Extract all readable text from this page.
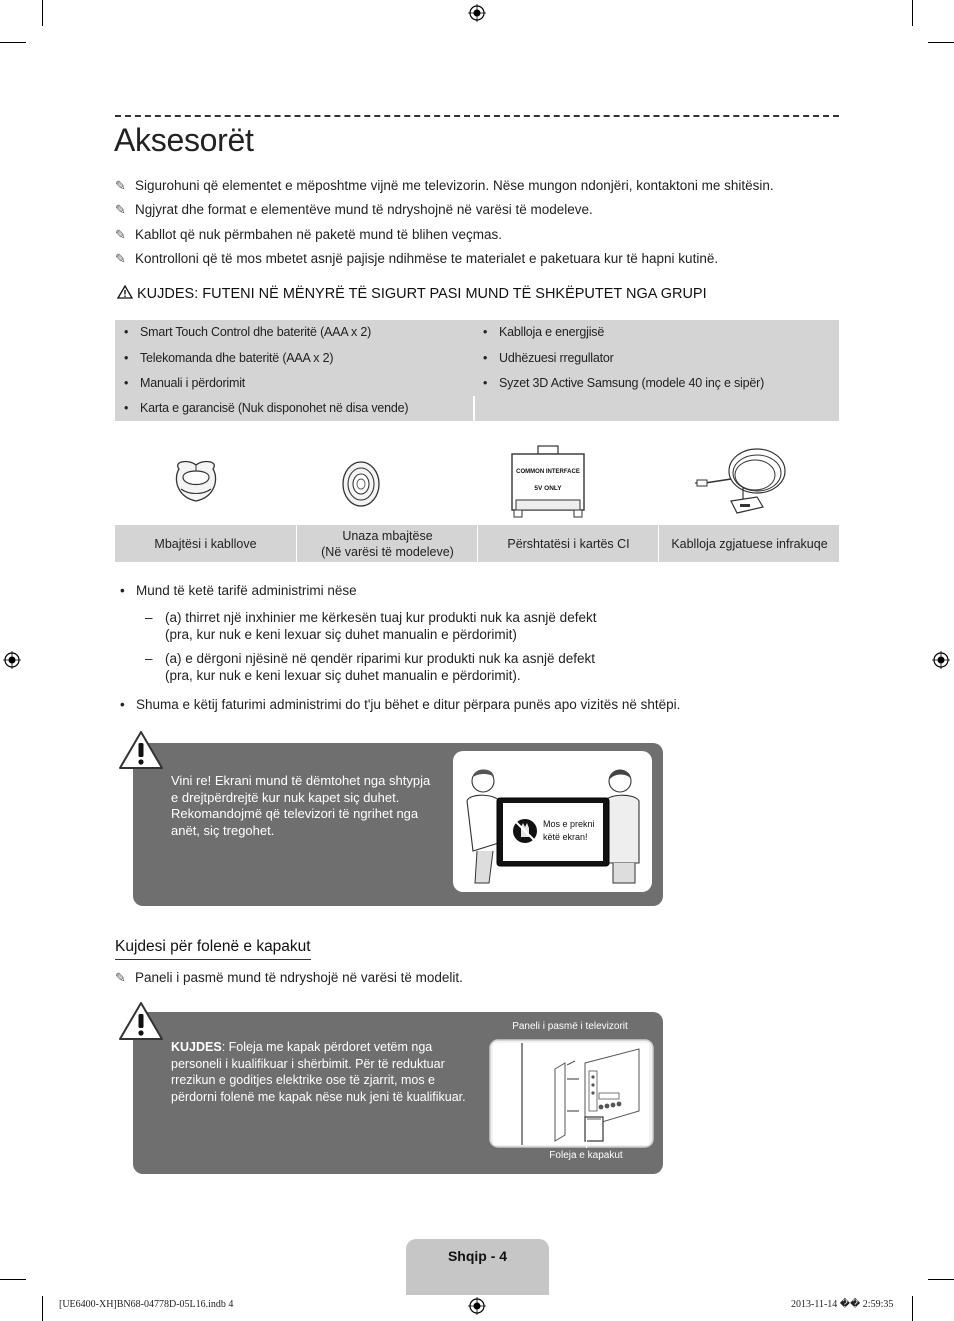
Aksesorët
✎ Sigurohuni që elementet e mëposhtme vijnë me televizorin. Nëse mungon ndonjëri, kontaktoni me shitësin.
✎ Ngjyrat dhe format e elementëve mund të ndryshojnë në varësi të modeleve.
✎ Kabllot që nuk përmbahen në paketë mund të blihen veçmas.
✎ Kontrolloni që të mos mbetet asnjë pajisje ndihmëse te materialet e paketuara kur të hapni kutinë.
KUJDES: FUTENI NË MËNYRË TË SIGURT PASI MUND TË SHKËPUTET NGA GRUPI
• Smart Touch Control dhe bateritë (AAA x 2)
• Telekomanda dhe bateritë (AAA x 2)
• Manuali i përdorimit
• Karta e garancisë (Nuk disponohet në disa vende)
• Kablloja e energjisë
• Udhëzuesi rregullator
• Syzet 3D Active Samsung (modele 40 inç e sipër)
COMMON INTERFACE
5V ONLY
Mbajtësi i kabllove
Unaza mbajtëse
(Në varësi të modeleve)
Përshtatësi i kartës CI	Kablloja zgjatuese infrakuqe
• Mund të ketë tarifë administrimi nëse
– (a) thirret një inxhinier me kërkesën tuaj kur produkti nuk ka asnjë defekt
(pra, kur nuk e keni lexuar siç duhet manualin e përdorimit)
– (a) e dërgoni njësinë në qendër riparimi kur produkti nuk ka asnjë defekt
(pra, kur nuk e keni lexuar siç duhet manualin e përdorimit).
• Shuma e këtij faturimi administrimi do t'ju bëhet e ditur përpara punës apo vizitës në shtëpi.
Vini re! Ekrani mund të dëmtohet nga shtypja
e drejtpërdrejtë kur nuk kapet siç duhet.
Rekomandojmë që televizori të ngrihet nga
anët, siç tregohet.	Mos e prekni
këtë ekran!
Kujdesi për folenë e kapakut
✎ Paneli i pasmë mund të ndryshojë në varësi të modelit.
KUJDES: Foleja me kapak përdoret vetëm nga
personeli i kualifikuar i shërbimit. Për të reduktuar
rrezikun e goditjes elektrike ose të zjarrit, mos e
përdorni folenë me kapak nëse nuk jeni të kualifikuar.
Paneli i pasmë i televizorit
Foleja e kapakut
Shqip - 4
[UE6400-XH]BN68-04778D-05L16.indb 4	2013-11-14 �� 2:59:35
